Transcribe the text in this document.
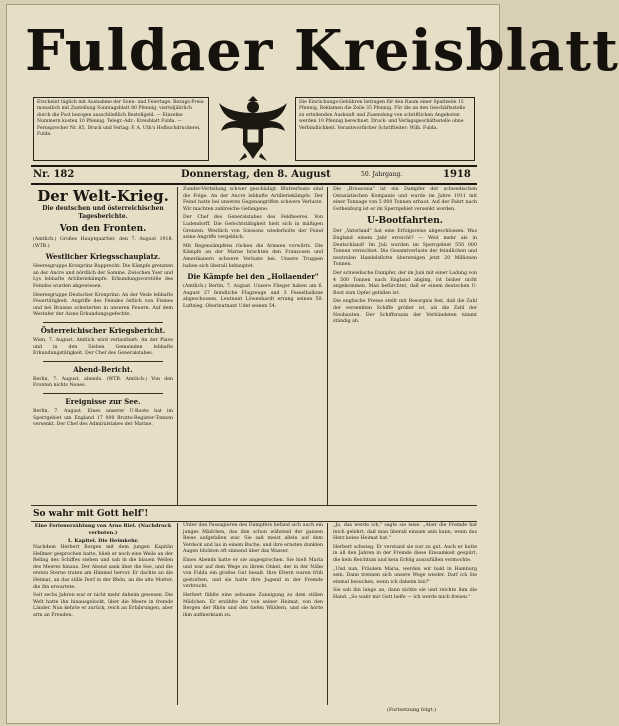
Fuldaer Kreisblatt
Erscheint täglich mit Ausnahme der Sonn- und Feiertage. Bezugs-Preis: monatlich mit Zustellung Sonntagsblatt 80 Pfennig, vierteljährlich durch die Post bezogen ausschließlich Bestellgeld. — Einzelne Nummern kosten 10 Pfennig. Telegr.-Adr.: Kreisblatt Fulda. — Fernsprecher Nr. 85. Druck und Verlag: F. A. Uth's Hofbuchdruckerei, Fulda.
Die Einrückungs-Gebühren betragen für den Raum einer Spaltzeile 15 Pfennig, Reklamen die Zeile 35 Pfennig. Für die an den Geschäftsstelle zu erteilenden Auskunft und Zusendung von schriftlichen Angeboten werden 10 Pfennig berechnet. Druck- und Verlagsgeschäftsstelle ohne Verbindlichkeit. Verantwortlicher Schriftleiter: Wilh. Fulda.
Nr. 182	Donnerstag, den 8. August	50. Jahrgang.	1918
Der Welt-Krieg.
Die deutschen und österreichischen Tagesberichte.
Von den Fronten.

(Amtlich.) Großes Hauptquartier, den 7. August 1918. (WTB.)

Westlicher Kriegsschauplatz.

Heeresgruppe Kronprinz Rupprecht: Die Kämpfe grenzten an der Ancre und nördlich der Somme. Zwischen Yser und Lys lebhafte Artilleriekämpfe. Erkundungsvorstöße des Feindes wurden abgewiesen.

Heeresgruppe Deutscher Kronprinz: An der Vesle lebhafte Feuertätigkeit. Angriffe des Feindes östlich von Fismes und bei Braisne scheiterten in unseren Feuern. Auf dem Westufer der Aisne Erkundungsgefechte.

Österreichischer Kriegsbericht.

Wien, 7. August. Amtlich wird verlautbart: An der Piave und in den Sieben Gemeinden lebhafte Erkundungstätigkeit. Der Chef des Generalstabes.

Abend-Bericht.

Berlin, 7. August, abends. (WTB. Amtlich.) Von den Fronten nichts Neues.

Ereignisse zur See.

Berlin, 7. August. Eines unserer U-Boote hat im Sperrgebiet um England 17 000 Brutto-Register-Tonnen versenkt. Der Chef des Admiralstabes der Marine.

Zunder-Verteilung schwer geschädigt. Blutverluste sind die Folge. An der Ancre lebhafte Artilleriekämpfe. Der Feind hatte bei unseren Gegenangriffen schwere Verluste. Wir machten zahlreiche Gefangene.

Der Chef des Generalstabes des Feldheeres. Von Ludendorff. Die Gefechtstätigkeit hielt sich in mäßigen Grenzen. Westlich von Soissons wiederholte der Feind seine Angriffe vergeblich.

Mit Regensämpfens rücken die Armeen vorwärts. Die Kämpfe an der Marne brachten den Franzosen und Amerikanern schwere Verluste bei. Unsere Truppen haben sich überall behauptet.

Die Kämpfe bei den „Hollaender"

(Amtlich.) Berlin, 7. August. Unsere Flieger haben am 6. August 27 feindliche Flugzeuge und 3 Fesselballone abgeschossen. Leutnant Löwenhardt errang seinen 50. Luftsieg. Oberleutnant Udet seinen 54.

Die „Brussonia" ist ein Dampfer der schwedischen Ostasiatischen Kompanie und wurde im Jahre 1911 mit einer Tonnage von 5 000 Tonnen erbaut. Auf der Fahrt nach Gothenburg ist er im Sperrgebiet versenkt worden.

U-Bootfahrten.

Der „Vaterland" hat eine Erfolgsreise abgeschlossen. Was England einem Jahr erreicht? — Weit mehr als in Deutschland! Im Juli wurden im Sperrgebiet 550 000 Tonnen vernichtet. Die Gesamtverluste der feindlichen und neutralen Handelsflotte übersteigen jetzt 20 Millionen Tonnen.

Der schwedische Dampfer, der im Juni mit einer Ladung von 4 500 Tonnen nach England abging, ist bisher nicht angekommen. Man befürchtet, daß er einem deutschen U-Boot zum Opfer gefallen ist.

Die englische Presse stellt mit Besorgnis fest, daß die Zahl der versenkten Schiffe größer ist, als die Zahl der Neubauten. Der Schiffsraum der Verbündeten nimmt ständig ab.

So wahr mit Gott helf'!
Eine Ferienerzählung von Arno Riel. (Nachdruck verboten.)
1. Kapitel. Die Heimkehr.

Nachdem Herbert Borgen mit dem jungen Kapitän Hellmer gesprochen hatte, blieb er noch eine Weile an der Reling des Schiffes stehen und sah in die blauen Wellen des Meeres hinaus. Der Abend sank über die See, und die ersten Sterne traten am Himmel hervor. Er dachte an die Heimat, an das stille Dorf in der Rhön, an die alte Mutter, die ihn erwartete.

Seit sechs Jahren war er nicht mehr daheim gewesen. Die Welt hatte ihn hinausgelockt, über die Meere in fremde Länder. Nun kehrte er zurück, reich an Erfahrungen, aber arm an Freuden.

Unter den Passagieren des Dampfers befand sich auch ein junges Mädchen, das ihm schon während der ganzen Reise aufgefallen war. Sie saß meist allein auf dem Verdeck und las in einem Buche, und ihre ernsten dunklen Augen blickten oft sinnend über das Wasser.

Eines Abends hatte er sie angesprochen. Sie hieß Maria und war auf dem Wege zu ihrem Onkel, der in der Nähe von Fulda ein großes Gut besaß. Ihre Eltern waren früh gestorben, und sie hatte ihre Jugend in der Fremde verbracht.

Herbert fühlte eine seltsame Zuneigung zu dem stillen Mädchen. Er erzählte ihr von seiner Heimat, von den Bergen der Rhön und den tiefen Wäldern, und sie hörte ihm aufmerksam zu.

„Ja, das werde ich," sagte sie leise. „Aber die Fremde hat mich gelehrt, daß man überall einsam sein kann, wenn das Herz keine Heimat hat."

Herbert schwieg. Er verstand sie nur zu gut. Auch er hatte in all den Jahren in der Fremde diese Einsamkeit gespürt, die kein Reichtum und kein Erfolg auszufüllen vermochte.

„Und nun, Fräulein Maria, werden wir bald in Hamburg sein. Dann trennen sich unsere Wege wieder. Darf ich Sie einmal besuchen, wenn ich daheim bin?"

Sie sah ihn lange an, dann nickte sie und reichte ihm die Hand. „So wahr mir Gott helfe — ich werde mich freuen."

(Fortsetzung folgt.)
